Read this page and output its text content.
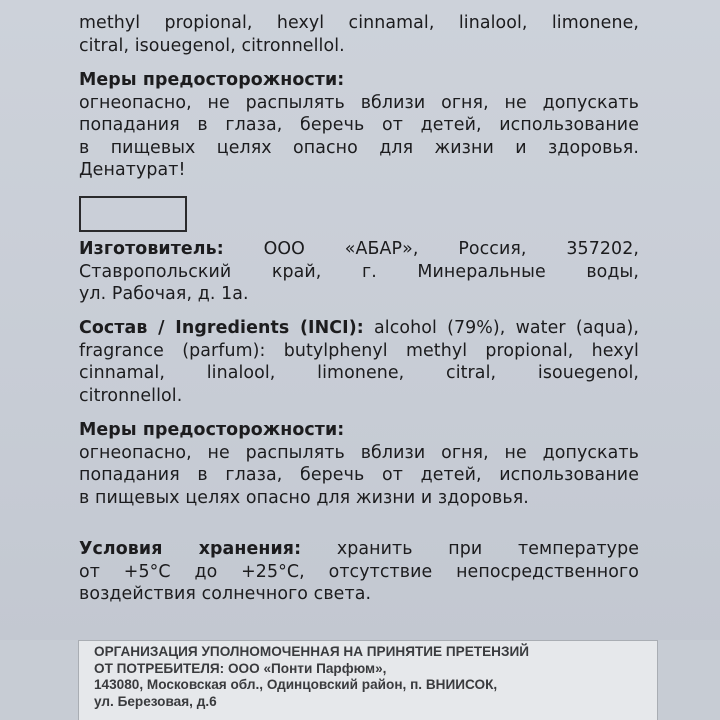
methyl propional, hexyl cinnamal, linalool, limonene,
citral, isouegenol, citronnellol.
Меры предосторожности:
огнеопасно, не распылять вблизи огня, не допускать
попадания в глаза, беречь от детей, использование
в пищевых целях опасно для жизни и здоровья.
Денатурат!
Изготовитель: ООО «АБАР», Россия, 357202,
Ставропольский край, г. Минеральные воды,
ул. Рабочая, д. 1а.
Состав / Ingredients (INCI): alcohol (79%), water (aqua),
fragrance (parfum): butylphenyl methyl propional, hexyl
cinnamal, linalool, limonene, citral, isouegenol,
citronnellol.
Меры предосторожности:
огнеопасно, не распылять вблизи огня, не допускать
попадания в глаза, беречь от детей, использование
в пищевых целях опасно для жизни и здоровья.
Условия хранения: хранить при температуре
от +5°С до +25°С, отсутствие непосредственного
воздействия солнечного света.
ОРГАНИЗАЦИЯ УПОЛНОМОЧЕННАЯ НА ПРИНЯТИЕ ПРЕТЕНЗИЙ
ОТ ПОТРЕБИТЕЛЯ: ООО «Понти Парфюм»,
143080, Московская обл., Одинцовский район, п. ВНИИСОК,
ул. Березовая, д.6
